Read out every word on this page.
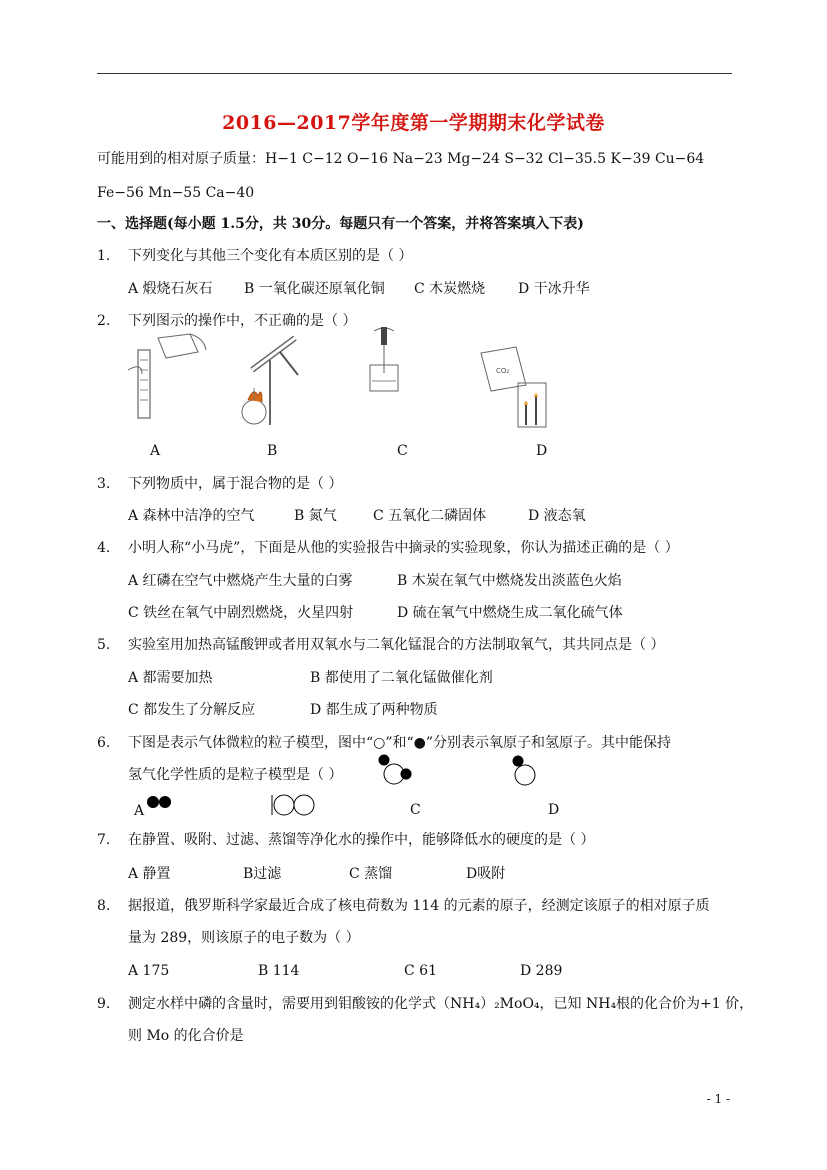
2016—2017学年度第一学期期末化学试卷
可能用到的相对原子质量：H−1 C−12 O−16 Na−23 Mg−24 S−32 Cl−35.5 K−39 Cu−64
Fe−56 Mn−55 Ca−40
一、选择题(每小题 1.5分，共 30分。每题只有一个答案，并将答案填入下表)
1. 下列变化与其他三个变化有本质区别的是（ ）
A 煅烧石灰石 B 一氧化碳还原氧化铜 C 木炭燃烧 D 干冰升华
2. 下列图示的操作中，不正确的是（ ）
CO₂
A	B	C	D
3. 下列物质中，属于混合物的是（ ）
A 森林中洁净的空气	B 氮气	C 五氧化二磷固体	D 液态氧
4. 小明人称“小马虎”，下面是从他的实验报告中摘录的实验现象，你认为描述正确的是（ ）
A 红磷在空气中燃烧产生大量的白雾	B 木炭在氧气中燃烧发出淡蓝色火焰
C 铁丝在氧气中剧烈燃烧，火星四射	D 硫在氧气中燃烧生成二氧化硫气体
5. 实验室用加热高锰酸钾或者用双氧水与二氧化锰混合的方法制取氧气，其共同点是（ ）
A 都需要加热	B 都使用了二氧化锰做催化剂
C 都发生了分解反应	D 都生成了两种物质
6. 下图是表示气体微粒的粒子模型，图中“○”和“●”分别表示氧原子和氢原子。其中能保持
氢气化学性质的是粒子模型是（ ）
A	C	D
7. 在静置、吸附、过滤、蒸馏等净化水的操作中，能够降低水的硬度的是（ ）
A 静置	B过滤	C 蒸馏	D吸附
8. 据报道，俄罗斯科学家最近合成了核电荷数为 114 的元素的原子，经测定该原子的相对原子质
量为 289，则该原子的电子数为（ ）
A 175	B 114	C 61	D 289
9. 测定水样中磷的含量时，需要用到钼酸铵的化学式（NH₄）₂MoO₄，已知 NH₄根的化合价为+1 价，
则 Mo 的化合价是
- 1 -
